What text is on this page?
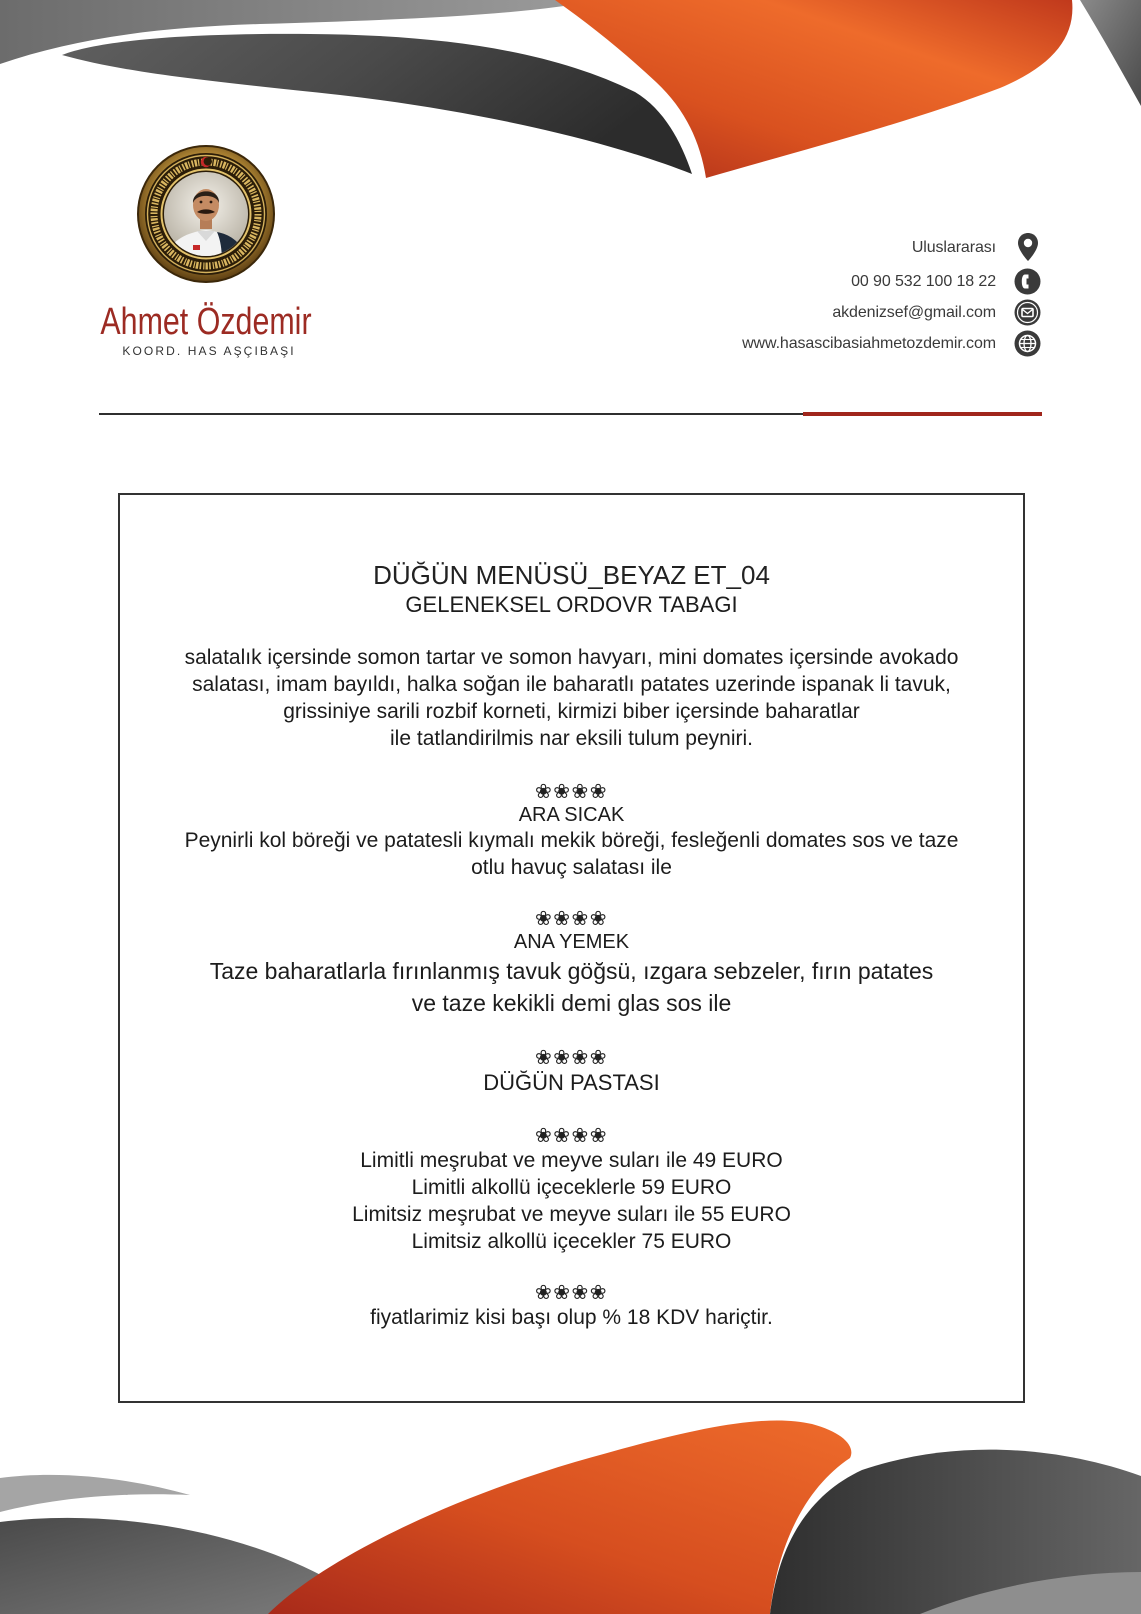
Ahmet Özdemir
KOORD. HAS AŞÇIBAŞI
Uluslararası
00 90 532 100 18 22
akdenizsef@gmail.com
www.hasascibasiahmetozdemir.com
DÜĞÜN MENÜSÜ_BEYAZ ET_04
GELENEKSEL ORDOVR TABAGI
salatalık içersinde somon tartar ve somon havyarı, mini domates içersinde avokado
salatası, imam bayıldı, halka soğan ile baharatlı patates uzerinde ispanak li tavuk,
grissiniye sarili rozbif korneti, kirmizi biber içersinde baharatlar
ile tatlandirilmis nar eksili tulum peyniri.
❀❀❀❀
ARA SICAK
Peynirli kol böreği ve patatesli kıymalı mekik böreği, fesleğenli domates sos ve taze
otlu havuç salatası ile
❀❀❀❀
ANA YEMEK
Taze baharatlarla fırınlanmış tavuk göğsü, ızgara sebzeler, fırın patates
ve taze kekikli demi glas sos ile
❀❀❀❀
DÜĞÜN PASTASI
❀❀❀❀
Limitli meşrubat ve meyve suları ile 49 EURO
Limitli alkollü içeceklerle 59 EURO
Limitsiz meşrubat ve meyve suları ile 55 EURO
Limitsiz alkollü içecekler 75 EURO
❀❀❀❀
fiyatlarimiz kisi başı olup % 18 KDV hariçtir.
